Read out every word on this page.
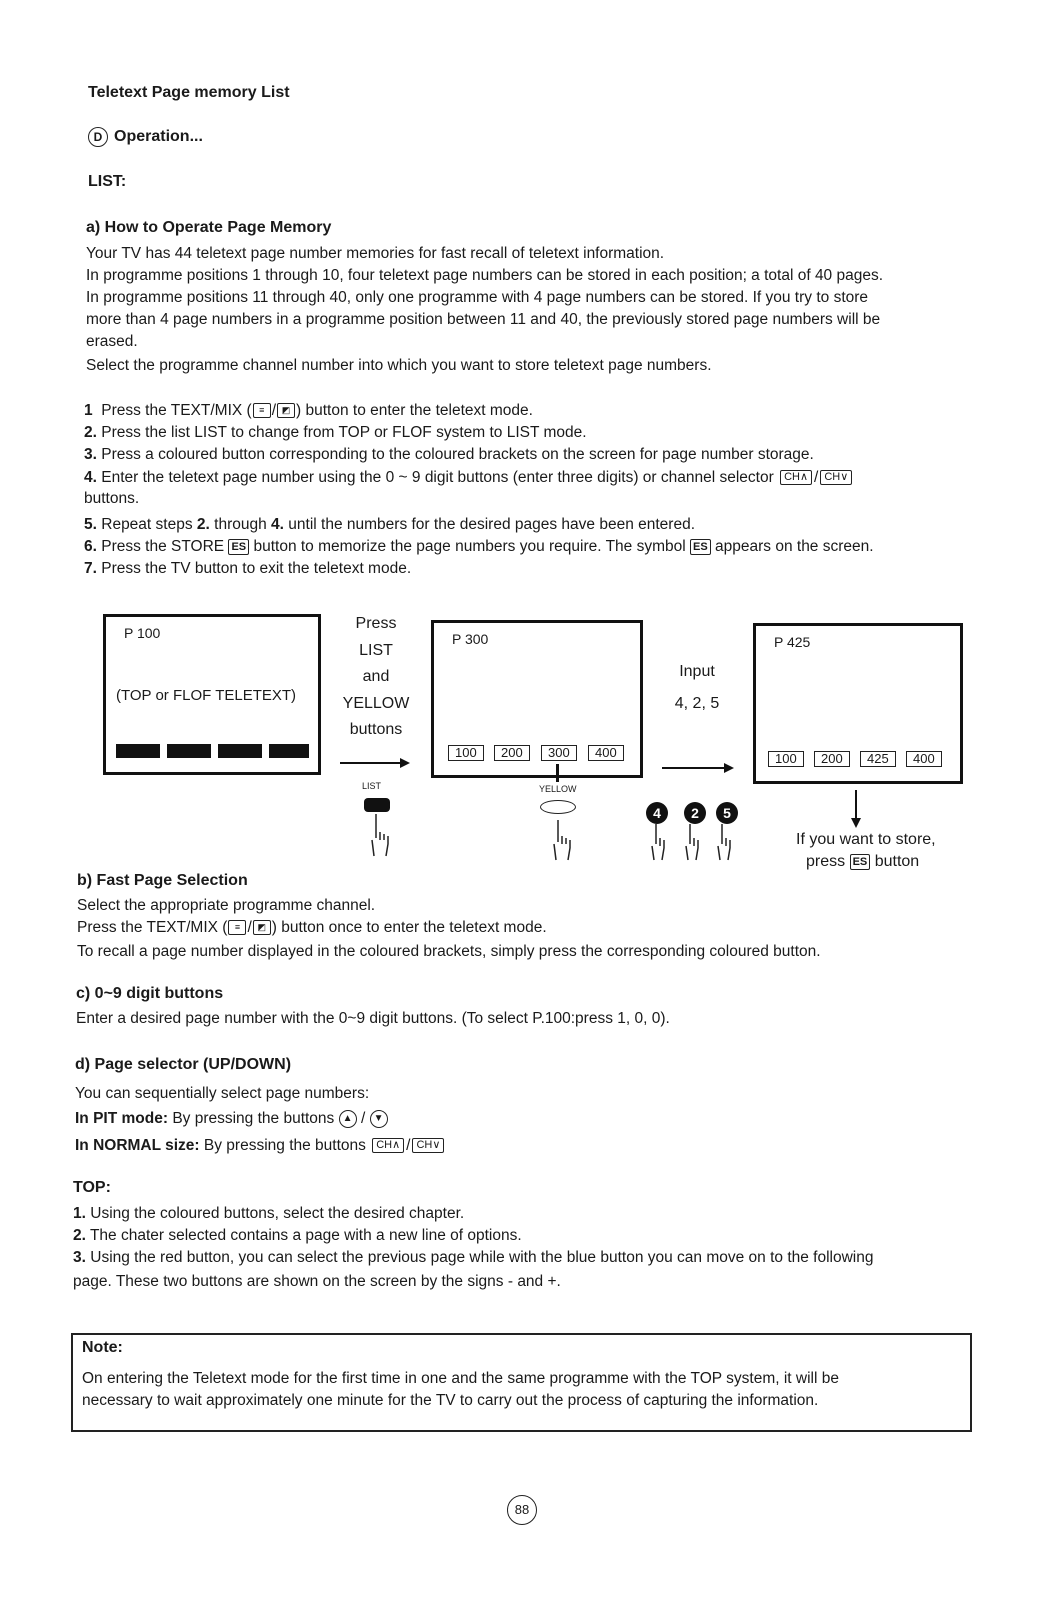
Teletext Page memory List
D Operation...
LIST:
a) How to Operate Page Memory
Your TV has 44 teletext page number memories for fast recall of teletext information.
In programme positions 1 through 10, four teletext page numbers can be stored in each position; a total of 40 pages.
In programme positions 11 through 40, only one programme with 4 page numbers can be stored. If you try to store
more than 4 page numbers in a programme position between 11 and 40, the previously stored page numbers will be
erased.
Select the programme channel number into which you want to store teletext page numbers.
1 Press the TEXT/MIX ( ≡ / ◩ ) button to enter the teletext mode.
2. Press the list LIST to change from TOP or FLOF system to LIST mode.
3. Press a coloured button corresponding to the coloured brackets on the screen for page number storage.
4. Enter the teletext page number using the 0 ~ 9 digit buttons (enter three digits) or channel selector CH∧ / CH∨
buttons.
5. Repeat steps 2. through 4. until the numbers for the desired pages have been entered.
6. Press the STORE ES button to memorize the page numbers you require. The symbol ES appears on the screen.
7. Press the TV button to exit the teletext mode.
P 100
(TOP or FLOF TELETEXT)
Press
LIST
and
YELLOW
buttons
P 300
100	200	300	400
Input
4, 2, 5
P 425
100	200	425	400
LIST	YELLOW
4	2	5
If you want to store,
press ES button
b) Fast Page Selection
Select the appropriate programme channel.
Press the TEXT/MIX ( ≡ / ◩ ) button once to enter the teletext mode.
To recall a page number displayed in the coloured brackets, simply press the corresponding coloured button.
c) 0~9 digit buttons
Enter a desired page number with the 0~9 digit buttons. (To select P.100:press 1, 0, 0).
d) Page selector (UP/DOWN)
You can sequentially select page numbers:
In PIT mode: By pressing the buttons ▲ / ▼
In NORMAL size: By pressing the buttons CH∧ / CH∨
TOP:
1. Using the coloured buttons, select the desired chapter.
2. The chater selected contains a page with a new line of options.
3. Using the red button, you can select the previous page while with the blue button you can move on to the following
page. These two buttons are shown on the screen by the signs - and +.
Note:
On entering the Teletext mode for the first time in one and the same programme with the TOP system, it will be
necessary to wait approximately one minute for the TV to carry out the process of capturing the information.
88
